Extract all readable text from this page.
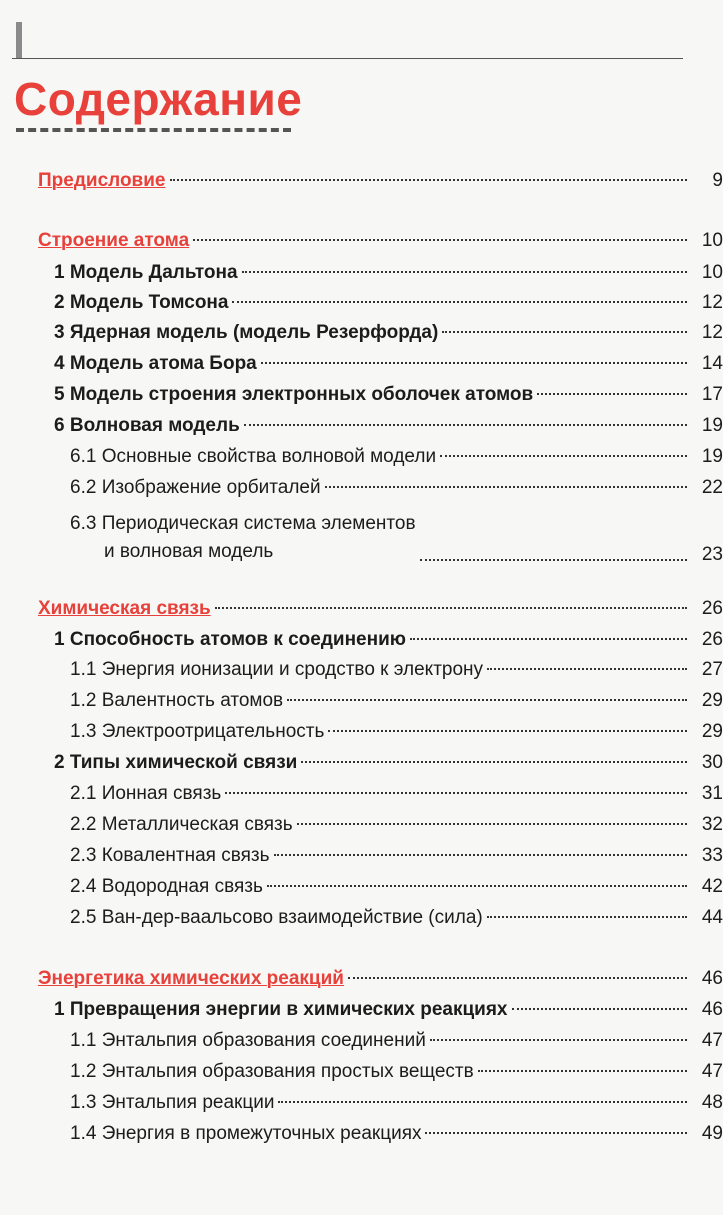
Содержание
Предисловие	9
Строение атома	10
1 Модель Дальтона	10
2 Модель Томсона	12
3 Ядерная модель (модель Резерфорда)	12
4 Модель атома Бора	14
5 Модель строения электронных оболочек атомов	17
6 Волновая модель	19
6.1 Основные свойства волновой модели	19
6.2 Изображение орбиталей	22
6.3 Периодическая система элементов
и волновая модель	23
Химическая связь	26
1 Способность атомов к соединению	26
1.1 Энергия ионизации и сродство к электрону	27
1.2 Валентность атомов	29
1.3 Электроотрицательность	29
2 Типы химической связи	30
2.1 Ионная связь	31
2.2 Металлическая связь	32
2.3 Ковалентная связь	33
2.4 Водородная связь	42
2.5 Ван-дер-ваальсово взаимодействие (сила)	44
Энергетика химических реакций	46
1 Превращения энергии в химических реакциях	46
1.1 Энтальпия образования соединений	47
1.2 Энтальпия образования простых веществ	47
1.3 Энтальпия реакции	48
1.4 Энергия в промежуточных реакциях	49
